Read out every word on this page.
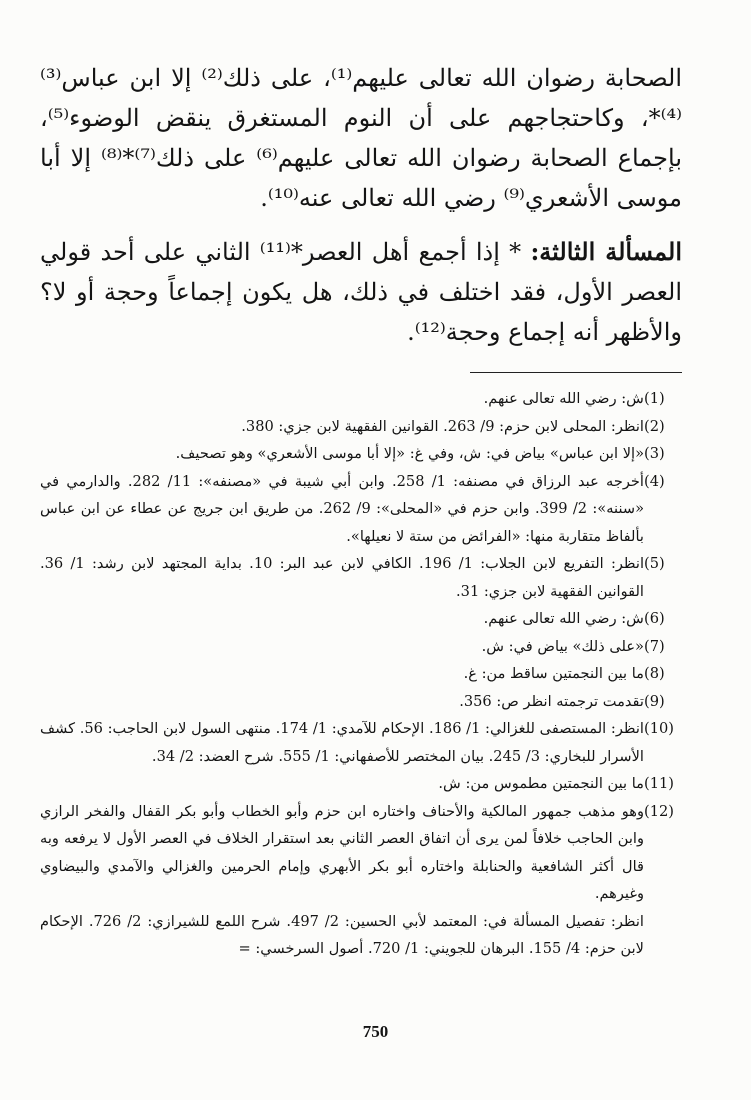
الصحابة رضوان الله تعالى عليهم⁽¹⁾، على ذلك⁽²⁾ إلا ابن عباس⁽³⁾⁽⁴⁾*، وكاحتجاجهم على أن النوم المستغرق ينقض الوضوء⁽⁵⁾، بإجماع الصحابة رضوان الله تعالى عليهم⁽⁶⁾ على ذلك⁽⁷⁾*⁽⁸⁾ إلا أبا موسى الأشعري⁽⁹⁾ رضي الله تعالى عنه⁽¹⁰⁾.

المسألة الثالثة: * إذا أجمع أهل العصر*⁽¹¹⁾ الثاني على أحد قولي العصر الأول، فقد اختلف في ذلك، هل يكون إجماعاً وحجة أو لا؟ والأظهر أنه إجماع وحجة⁽¹²⁾.

(1)
ش: رضي الله تعالى عنهم.
(2)
انظر: المحلى لابن حزم: 9/ 263. القوانين الفقهية لابن جزي: 380.
(3)
«إلا ابن عباس» بياض في: ش، وفي غ: «إلا أبا موسى الأشعري» وهو تصحيف.
(4)
أخرجه عبد الرزاق في مصنفه: 1/ 258. وابن أبي شيبة في «مصنفه»: 11/ 282. والدارمي في «سننه»: 2/ 399. وابن حزم في «المحلى»: 9/ 262. من طريق ابن جريج عن عطاء عن ابن عباس بألفاظ متقاربة منها: «الفرائض من ستة لا نعيلها».
(5)
انظر: التفريع لابن الجلاب: 1/ 196. الكافي لابن عبد البر: 10. بداية المجتهد لابن رشد: 1/ 36. القوانين الفقهية لابن جزي: 31.
(6)
ش: رضي الله تعالى عنهم.
(7)
«على ذلك» بياض في: ش.
(8)
ما بين النجمتين ساقط من: غ.
(9)
تقدمت ترجمته انظر ص: 356.
(10)
انظر: المستصفى للغزالي: 1/ 186. الإحكام للآمدي: 1/ 174. منتهى السول لابن الحاجب: 56. كشف الأسرار للبخاري: 3/ 245. بيان المختصر للأصفهاني: 1/ 555. شرح العضد: 2/ 34.
(11)
ما بين النجمتين مطموس من: ش.
(12)
وهو مذهب جمهور المالكية والأحناف واختاره ابن حزم وأبو الخطاب وأبو بكر القفال والفخر الرازي وابن الحاجب خلافاً لمن يرى أن اتفاق العصر الثاني بعد استقرار الخلاف في العصر الأول لا يرفعه وبه قال أكثر الشافعية والحنابلة واختاره أبو بكر الأبهري وإمام الحرمين والغزالي والآمدي والبيضاوي وغيرهم.
انظر: تفصيل المسألة في: المعتمد لأبي الحسين: 2/ 497. شرح اللمع للشيرازي: 2/ 726. الإحكام لابن حزم: 4/ 155. البرهان للجويني: 1/ 720. أصول السرخسي: =
750
